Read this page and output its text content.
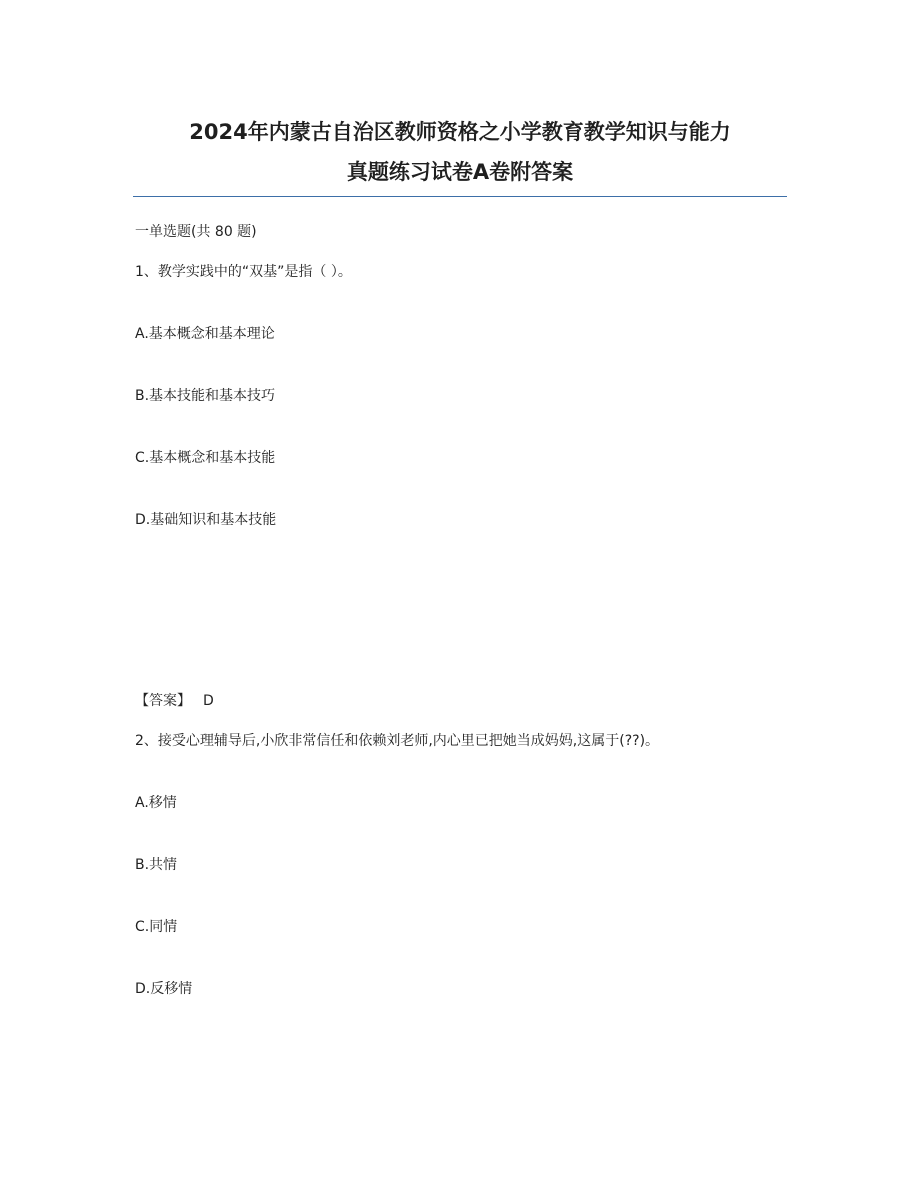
2024年内蒙古自治区教师资格之小学教育教学知识与能力
真题练习试卷A卷附答案
一单选题(共 80 题)
1、教学实践中的“双基”是指（ ）。
A.基本概念和基本理论
B.基本技能和基本技巧
C.基本概念和基本技能
D.基础知识和基本技能
【答案】 D
2、接受心理辅导后,小欣非常信任和依赖刘老师,内心里已把她当成妈妈,这属于(??)。
A.移情
B.共情
C.同情
D.反移情
